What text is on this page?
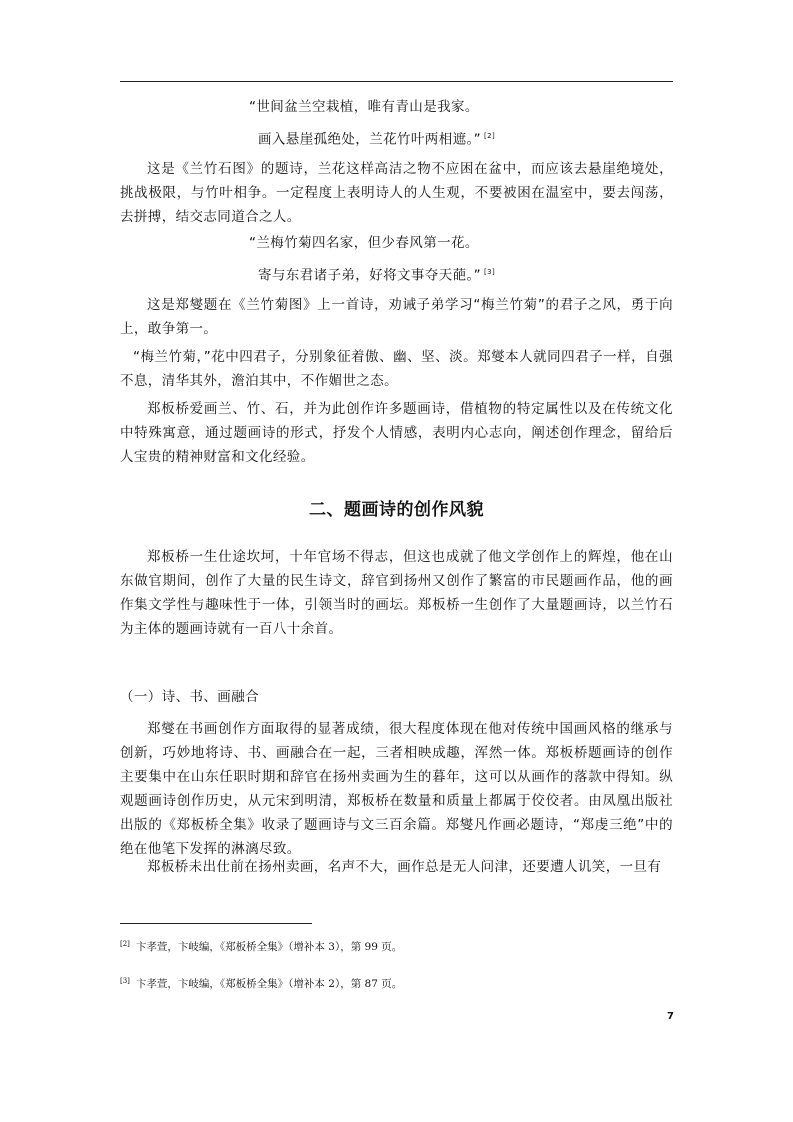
“世间盆兰空栽植，唯有青山是我家。
画入悬崖孤绝处，兰花竹叶两相遮。” [2]
这是《兰竹石图》的题诗，兰花这样高洁之物不应困在盆中，而应该去悬崖绝境处，挑战极限，与竹叶相争。一定程度上表明诗人的人生观，不要被困在温室中，要去闯荡，去拼搏，结交志同道合之人。
“兰梅竹菊四名家，但少春风第一花。
寄与东君诸子弟，好将文事夺天葩。” [3]
这是郑燮题在《兰竹菊图》上一首诗，劝诫子弟学习“梅兰竹菊”的君子之风，勇于向上，敢争第一。
“梅兰竹菊，”花中四君子，分别象征着傲、幽、坚、淡。郑燮本人就同四君子一样，自强不息，清华其外，澹泊其中，不作媚世之态。
郑板桥爱画兰、竹、石，并为此创作许多题画诗，借植物的特定属性以及在传统文化中特殊寓意，通过题画诗的形式，抒发个人情感，表明内心志向，阐述创作理念，留给后人宝贵的精神财富和文化经验。
二、题画诗的创作风貌
郑板桥一生仕途坎坷，十年官场不得志，但这也成就了他文学创作上的辉煌，他在山东做官期间，创作了大量的民生诗文，辞官到扬州又创作了繁富的市民题画作品，他的画作集文学性与趣味性于一体，引领当时的画坛。郑板桥一生创作了大量题画诗，以兰竹石为主体的题画诗就有一百八十余首。
（一）诗、书、画融合
郑燮在书画创作方面取得的显著成绩，很大程度体现在他对传统中国画风格的继承与创新，巧妙地将诗、书、画融合在一起，三者相映成趣，浑然一体。郑板桥题画诗的创作主要集中在山东任职时期和辞官在扬州卖画为生的暮年，这可以从画作的落款中得知。纵观题画诗创作历史，从元宋到明清，郑板桥在数量和质量上都属于佼佼者。由凤凰出版社出版的《郑板桥全集》收录了题画诗与文三百余篇。郑燮凡作画必题诗，“郑虔三绝”中的绝在他笔下发挥的淋漓尽致。
郑板桥未出仕前在扬州卖画，名声不大，画作总是无人问津，还要遭人讥笑，一旦有
[2] 卞孝萱，卞岐编，《郑板桥全集》（增补本 3），第 99 页。
[3] 卞孝萱，卞岐编，《郑板桥全集》（增补本 2），第 87 页。
7
